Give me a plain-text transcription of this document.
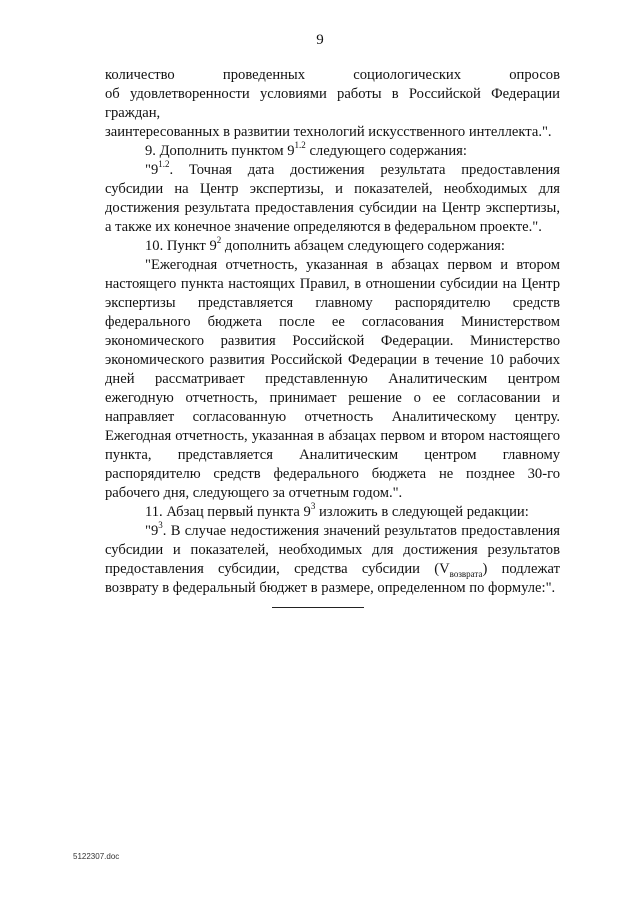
9

количество проведенных социологических опросов

об удовлетворенности условиями работы в Российской Федерации граждан,

заинтересованных в развитии технологий искусственного интеллекта.".

9. Дополнить пунктом $9^{1.2}$ следующего содержания:

"$9^{1.2}$. Точная дата достижения результата предоставления субсидии на Центр экспертизы, и показателей, необходимых для достижения результата предоставления субсидии на Центр экспертизы, а также их конечное значение определяются в федеральном проекте.".

10. Пункт $9^2$ дополнить абзацем следующего содержания:

"Ежегодная отчетность, указанная в абзацах первом и втором настоящего пункта настоящих Правил, в отношении субсидии на Центр экспертизы представляется главному распорядителю средств федерального бюджета после ее согласования Министерством экономического развития Российской Федерации. Министерство экономического развития Российской Федерации в течение 10 рабочих дней рассматривает представленную Аналитическим центром ежегодную отчетность, принимает решение о ее согласовании и направляет согласованную отчетность Аналитическому центру. Ежегодная отчетность, указанная в абзацах первом и втором настоящего пункта, представляется Аналитическим центром главному распорядителю средств федерального бюджета не позднее 30-го рабочего дня, следующего за отчетным годом.".

11. Абзац первый пункта $9^3$ изложить в следующей редакции:

"$9^3$. В случае недостижения значений результатов предоставления субсидии и показателей, необходимых для достижения результатов предоставления субсидии, средства субсидии $(V_{возврата})$ подлежат возврату в федеральный бюджет в размере, определенном по формуле:".

5122307.doc
